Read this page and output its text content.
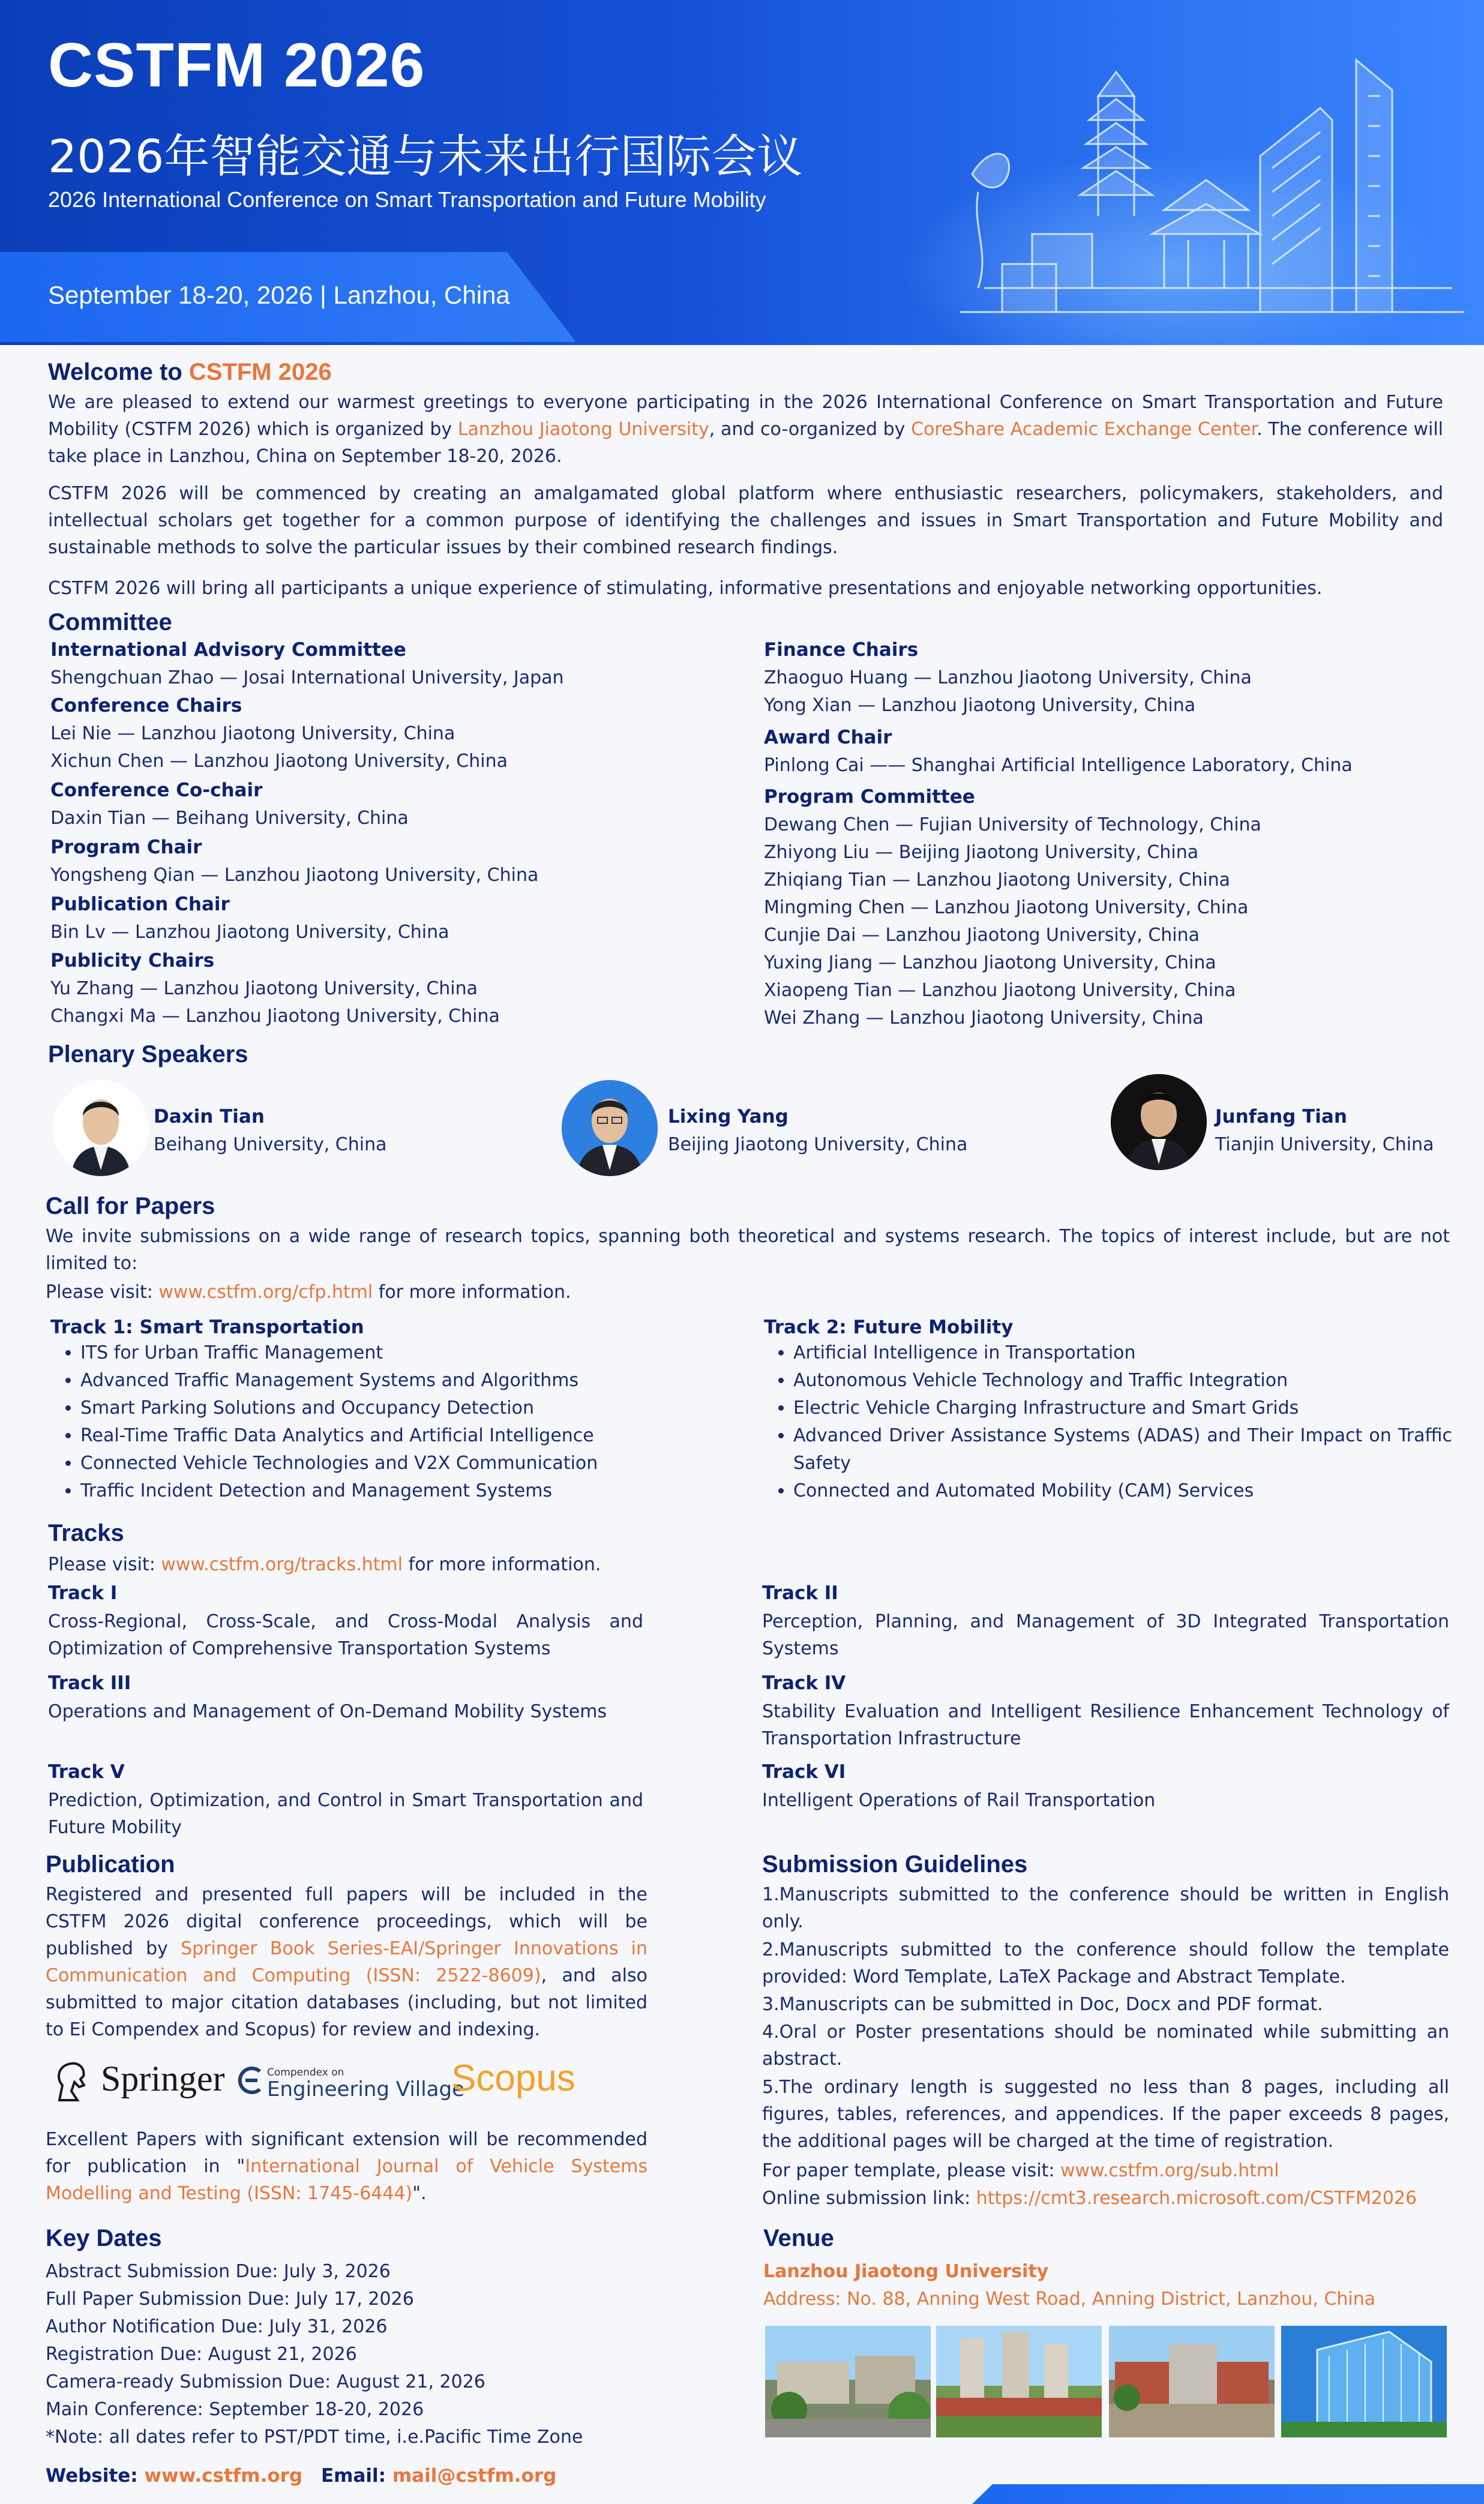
CSTFM 2026
2026年智能交通与未来出行国际会议
2026 International Conference on Smart Transportation and Future Mobility
September 18-20, 2026 | Lanzhou, China
Welcome to CSTFM 2026
We are pleased to extend our warmest greetings to everyone participating in the 2026 International Conference on Smart Transportation and Future Mobility (CSTFM 2026) which is organized by Lanzhou Jiaotong University, and co-organized by CoreShare Academic Exchange Center. The conference will take place in Lanzhou, China on September 18-20, 2026.
CSTFM 2026 will be commenced by creating an amalgamated global platform where enthusiastic researchers, policymakers, stakeholders, and intellectual scholars get together for a common purpose of identifying the challenges and issues in Smart Transportation and Future Mobility and sustainable methods to solve the particular issues by their combined research findings.
CSTFM 2026 will bring all participants a unique experience of stimulating, informative presentations and enjoyable networking opportunities.
Committee
International Advisory Committee
Shengchuan Zhao — Josai International University, Japan
Conference Chairs
Lei Nie — Lanzhou Jiaotong University, China
Xichun Chen — Lanzhou Jiaotong University, China
Conference Co-chair
Daxin Tian — Beihang University, China
Program Chair
Yongsheng Qian — Lanzhou Jiaotong University, China
Publication Chair
Bin Lv — Lanzhou Jiaotong University, China
Publicity Chairs
Yu Zhang — Lanzhou Jiaotong University, China
Changxi Ma — Lanzhou Jiaotong University, China
Finance Chairs
Zhaoguo Huang — Lanzhou Jiaotong University, China
Yong Xian — Lanzhou Jiaotong University, China
Award Chair
Pinlong Cai —— Shanghai Artificial Intelligence Laboratory, China
Program Committee
Dewang Chen — Fujian University of Technology, China
Zhiyong Liu — Beijing Jiaotong University, China
Zhiqiang Tian — Lanzhou Jiaotong University, China
Mingming Chen — Lanzhou Jiaotong University, China
Cunjie Dai — Lanzhou Jiaotong University, China
Yuxing Jiang — Lanzhou Jiaotong University, China
Xiaopeng Tian — Lanzhou Jiaotong University, China
Wei Zhang — Lanzhou Jiaotong University, China
Plenary Speakers
Daxin Tian
Beihang University, China
Lixing Yang
Beijing Jiaotong University, China
Junfang Tian
Tianjin University, China
Call for Papers
We invite submissions on a wide range of research topics, spanning both theoretical and systems research. The topics of interest include, but are not limited to:
Please visit: www.cstfm.org/cfp.html for more information.
Track 1: Smart Transportation
• ITS for Urban Traffic Management
• Advanced Traffic Management Systems and Algorithms
• Smart Parking Solutions and Occupancy Detection
• Real-Time Traffic Data Analytics and Artificial Intelligence
• Connected Vehicle Technologies and V2X Communication
• Traffic Incident Detection and Management Systems
Track 2: Future Mobility
• Artificial Intelligence in Transportation
• Autonomous Vehicle Technology and Traffic Integration
• Electric Vehicle Charging Infrastructure and Smart Grids
• Advanced Driver Assistance Systems (ADAS) and Their Impact on Traffic Safety
• Connected and Automated Mobility (CAM) Services
Tracks
Please visit: www.cstfm.org/tracks.html for more information.
Track I
Cross-Regional, Cross-Scale, and Cross-Modal Analysis and Optimization of Comprehensive Transportation Systems
Track II
Perception, Planning, and Management of 3D Integrated Transportation Systems
Track III
Operations and Management of On-Demand Mobility Systems
Track IV
Stability Evaluation and Intelligent Resilience Enhancement Technology of Transportation Infrastructure
Track V
Prediction, Optimization, and Control in Smart Transportation and Future Mobility
Track VI
Intelligent Operations of Rail Transportation
Publication
Registered and presented full papers will be included in the CSTFM 2026 digital conference proceedings, which will be published by Springer Book Series-EAI/Springer Innovations in Communication and Computing (ISSN: 2522-8609), and also submitted to major citation databases (including, but not limited to Ei Compendex and Scopus) for review and indexing.
Springer	Compendex on
Engineering Village
Scopus
Excellent Papers with significant extension will be recommended for publication in "International Journal of Vehicle Systems Modelling and Testing (ISSN: 1745-6444)".
Submission Guidelines
1.Manuscripts submitted to the conference should be written in English only.
2.Manuscripts submitted to the conference should follow the template provided: Word Template, LaTeX Package and Abstract Template.
3.Manuscripts can be submitted in Doc, Docx and PDF format.
4.Oral or Poster presentations should be nominated while submitting an abstract.
5.The ordinary length is suggested no less than 8 pages, including all figures, tables, references, and appendices. If the paper exceeds 8 pages, the additional pages will be charged at the time of registration.
For paper template, please visit: www.cstfm.org/sub.html
Online submission link: https://cmt3.research.microsoft.com/CSTFM2026
Key Dates
Abstract Submission Due: July 3, 2026
Full Paper Submission Due: July 17, 2026
Author Notification Due: July 31, 2026
Registration Due: August 21, 2026
Camera-ready Submission Due: August 21, 2026
Main Conference: September 18-20, 2026
*Note: all dates refer to PST/PDT time, i.e.Pacific Time Zone
Venue
Lanzhou Jiaotong University
Address: No. 88, Anning West Road, Anning District, Lanzhou, China
Website: www.cstfm.org Email: mail@cstfm.org
